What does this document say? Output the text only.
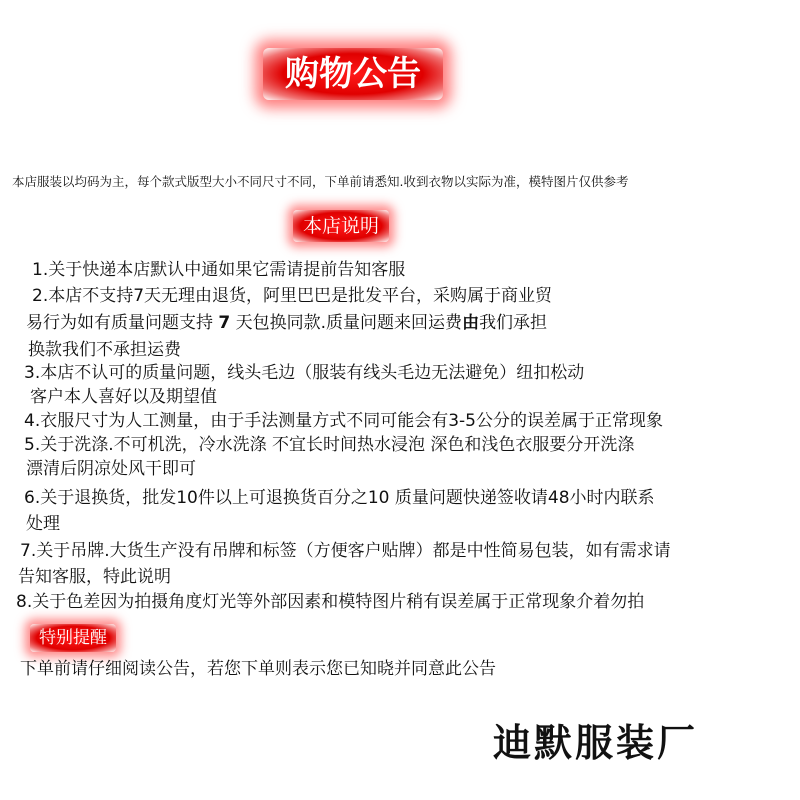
购物公告
本店服装以均码为主，每个款式版型大小不同尺寸不同，下单前请悉知.收到衣物以实际为准，模特图片仅供参考
本店说明
1.关于快递本店默认中通如果它需请提前告知客服
2.本店不支持7天无理由退货，阿里巴巴是批发平台，采购属于商业贸
易行为如有质量问题支持 7 天包换同款.质量问题来回运费由我们承担
换款我们不承担运费
3.本店不认可的质量问题，线头毛边（服装有线头毛边无法避免）纽扣松动
客户本人喜好以及期望值
4.衣服尺寸为人工测量，由于手法测量方式不同可能会有3-5公分的误差属于正常现象
5.关于洗涤.不可机洗，冷水洗涤 不宜长时间热水浸泡 深色和浅色衣服要分开洗涤
漂清后阴凉处风干即可
6.关于退换货，批发10件以上可退换货百分之10 质量问题快递签收请48小时内联系
处理
7.关于吊牌.大货生产没有吊牌和标签（方便客户贴牌）都是中性简易包装，如有需求请
告知客服，特此说明
8.关于色差因为拍摄角度灯光等外部因素和模特图片稍有误差属于正常现象介着勿拍
特别提醒
下单前请仔细阅读公告，若您下单则表示您已知晓并同意此公告
迪默服装厂
